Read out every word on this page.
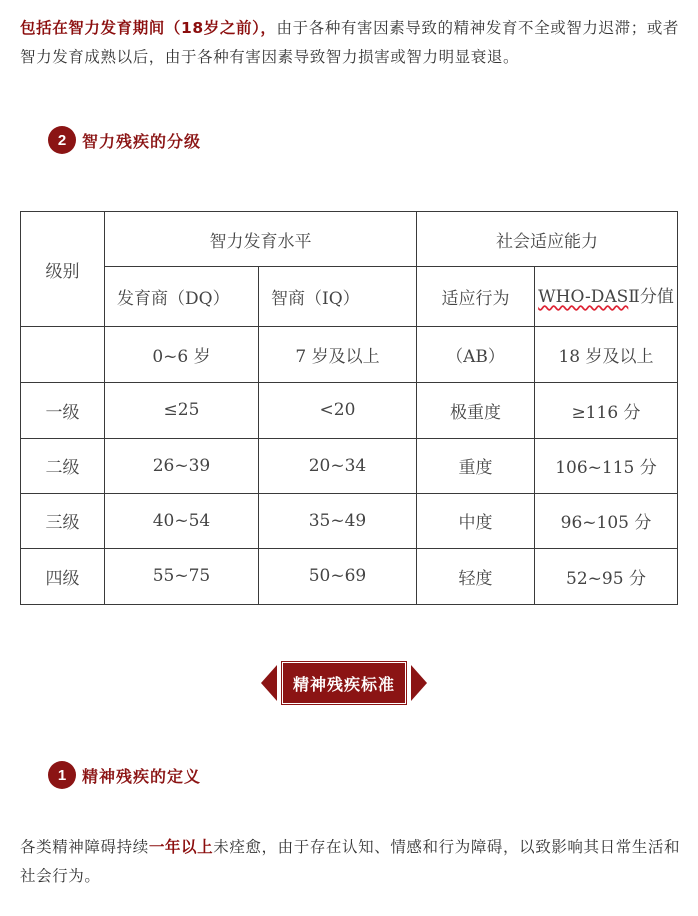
包括在智力发育期间（18岁之前），由于各种有害因素导致的精神发育不全或智力迟滞；或者智力发育成熟以后，由于各种有害因素导致智力损害或智力明显衰退。

2 智力残疾的分级
级别	智力发育水平		社会适应能力	
	发育商（DQ）	智商（IQ）	适应行为	WHO-DASⅡ分值
	0~6 岁	7 岁及以上	（AB）	18 岁及以上
一级	≤25	<20	极重度	≥116 分
二级	26~39	20~34	重度	106~115 分
三级	40~54	35~49	中度	96~105 分
四级	55~75	50~69	轻度	52~95 分
精神残疾标准
1 精神残疾的定义

各类精神障碍持续一年以上未痊愈，由于存在认知、情感和行为障碍，以致影响其日常生活和社会行为。
